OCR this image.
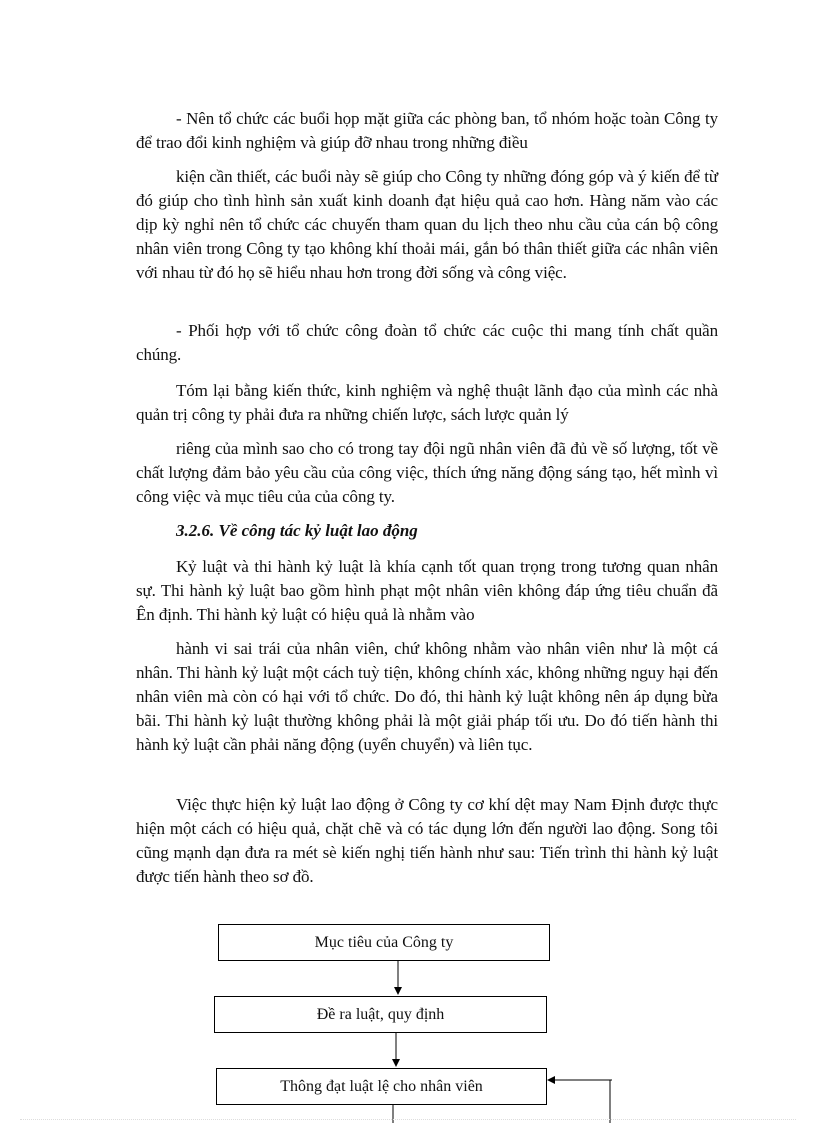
- Nên tổ chức các buổi họp mặt giữa các phòng ban, tổ nhóm hoặc toàn Công ty để trao đổi kinh nghiệm và giúp đỡ nhau trong những điều

kiện cần thiết, các buổi này sẽ giúp cho Công ty những đóng góp và ý kiến để từ đó giúp cho tình hình sản xuất kinh doanh đạt hiệu quả cao hơn. Hàng năm vào các dịp kỳ nghỉ nên tổ chức các chuyến tham quan du lịch theo nhu cầu của cán bộ công nhân viên trong Công ty tạo không khí thoải mái, gắn bó thân thiết giữa các nhân viên với nhau từ đó họ sẽ hiểu nhau hơn trong đời sống và công việc.

- Phối hợp với tổ chức công đoàn tổ chức các cuộc thi mang tính chất quần chúng.

Tóm lại bằng kiến thức, kinh nghiệm và nghệ thuật lãnh đạo của mình các nhà quản trị công ty phải đưa ra những chiến lược, sách lược quản lý

riêng của mình sao cho có trong tay đội ngũ nhân viên đã đủ về số lượng, tốt về chất lượng đảm bảo yêu cầu của công việc, thích ứng năng động sáng tạo, hết mình vì công việc và mục tiêu của của công ty.

3.2.6. Về công tác kỷ luật lao động

Kỷ luật và thi hành kỷ luật là khía cạnh tốt quan trọng trong tương quan nhân sự. Thi hành kỷ luật bao gồm hình phạt một nhân viên không đáp ứng tiêu chuẩn đã Ên định. Thi hành kỷ luật có hiệu quả là nhằm vào

hành vi sai trái của nhân viên, chứ không nhằm vào nhân viên như là một cá nhân. Thi hành kỷ luật một cách tuỳ tiện, không chính xác, không những nguy hại đến nhân viên mà còn có hại với tổ chức. Do đó, thi hành kỷ luật không nên áp dụng bừa bãi. Thi hành kỷ luật thường không phải là một giải pháp tối ưu. Do đó tiến hành thi hành kỷ luật cần phải năng động (uyển chuyển) và liên tục.

Việc thực hiện kỷ luật lao động ở Công ty cơ khí dệt may Nam Định được thực hiện một cách có hiệu quả, chặt chẽ và có tác dụng lớn đến người lao động. Song tôi cũng mạnh dạn đưa ra mét sè kiến nghị tiến hành như sau: Tiến trình thi hành kỷ luật được tiến hành theo sơ đồ.

Mục tiêu của Công ty
Đề ra luật, quy định
Thông đạt luật lệ cho nhân viên
